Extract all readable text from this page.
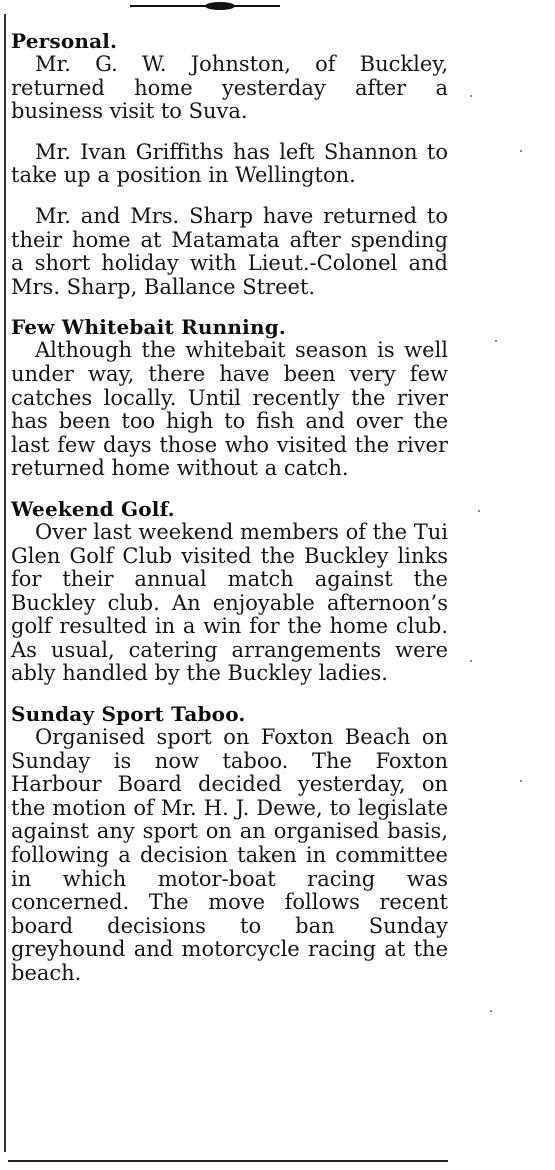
Personal.

Mr. G. W. Johnston, of Buckley, returned home yesterday after a business visit to Suva.

Mr. Ivan Griffiths has left Shannon to take up a position in Wellington.

Mr. and Mrs. Sharp have returned to their home at Matamata after spending a short holiday with Lieut.-Colonel and Mrs. Sharp, Ballance Street.

Few Whitebait Running.

Although the whitebait season is well under way, there have been very few catches locally. Until recently the river has been too high to fish and over the last few days those who visited the river returned home without a catch.

Weekend Golf.

Over last weekend members of the Tui Glen Golf Club visited the Buckley links for their annual match against the Buckley club. An enjoyable afternoon’s golf resulted in a win for the home club. As usual, catering arrangements were ably handled by the Buckley ladies.

Sunday Sport Taboo.

Organised sport on Foxton Beach on Sunday is now taboo. The Foxton Harbour Board decided yesterday, on the motion of Mr. H. J. Dewe, to legislate against any sport on an organised basis, following a decision taken in committee in which motor-boat racing was concerned. The move follows recent board decisions to ban Sunday greyhound and motorcycle racing at the beach.
